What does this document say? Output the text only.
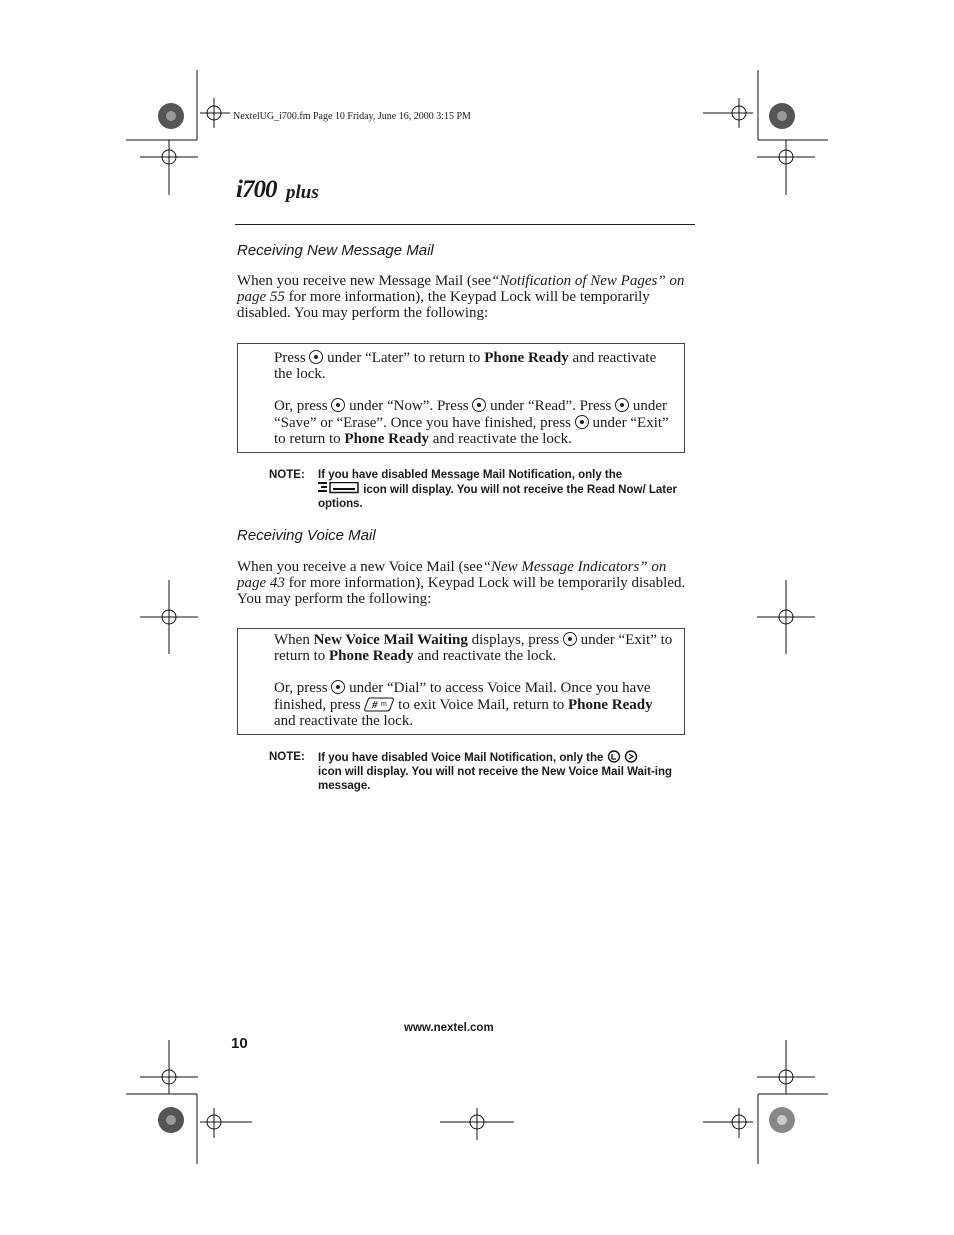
NextelUG_i700.fm Page 10 Friday, June 16, 2000 3:15 PM
i700 plus
Receiving New Message Mail
When you receive new Message Mail (see“Notification of New Pages” on page 55 for more information), the Keypad Lock will be temporarily disabled. You may perform the following:

Press  under “Later” to return to Phone Ready and reactivate the lock.

Or, press  under “Now”. Press  under “Read”. Press  under “Save” or “Erase”. Once you have finished, press  under “Exit” to return to Phone Ready and reactivate the lock.

NOTE: If you have disabled Message Mail Notification, only the
icon will display. You will not receive the Read Now/ Later options.
Receiving Voice Mail
When you receive a new Voice Mail (see“New Message Indicators” on page 43 for more information), Keypad Lock will be temporarily disabled. You may perform the following:

When New Voice Mail Waiting displays, press  under “Exit” to return to Phone Ready and reactivate the lock.

Or, press  under “Dial” to access Voice Mail. Once you have finished, press # m to exit Voice Mail, return to Phone Ready and reactivate the lock.

NOTE: If you have disabled Voice Mail Notification, only the
icon will display. You will not receive the New Voice Mail Wait-ing message.
www.nextel.com
10
